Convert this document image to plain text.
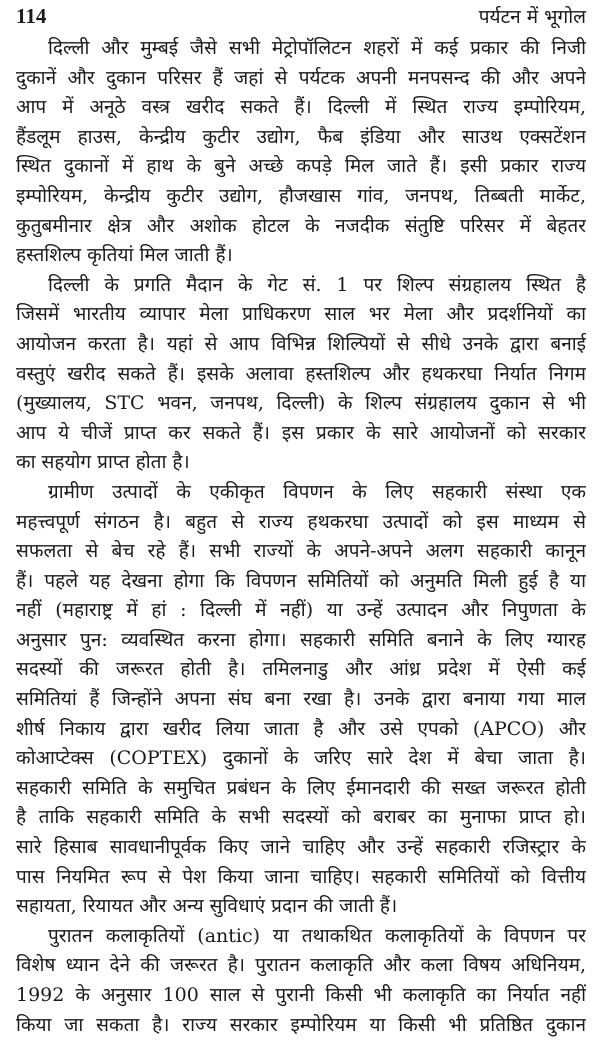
114	पर्यटन में भूगोल
दिल्ली और मुम्बई जैसे सभी मेट्रोपॉलिटन शहरों में कई प्रकार की निजी
दुकानें और दुकान परिसर हैं जहां से पर्यटक अपनी मनपसन्द की और अपने
आप में अनूठे वस्त्र खरीद सकते हैं। दिल्ली में स्थित राज्य इम्पोरियम,
हैंडलूम हाउस, केन्द्रीय कुटीर उद्योग, फैब इंडिया और साउथ एक्सटेंशन
स्थित दुकानों में हाथ के बुने अच्छे कपड़े मिल जाते हैं। इसी प्रकार राज्य
इम्पोरियम, केन्द्रीय कुटीर उद्योग, हौजखास गांव, जनपथ, तिब्बती मार्केट,
कुतुबमीनार क्षेत्र और अशोक होटल के नजदीक संतुष्टि परिसर में बेहतर
हस्तशिल्प कृतियां मिल जाती हैं।
दिल्ली के प्रगति मैदान के गेट सं. 1 पर शिल्प संग्रहालय स्थित है
जिसमें भारतीय व्यापार मेला प्राधिकरण साल भर मेला और प्रदर्शनियों का
आयोजन करता है। यहां से आप विभिन्न शिल्पियों से सीधे उनके द्वारा बनाई
वस्तुएं खरीद सकते हैं। इसके अलावा हस्तशिल्प और हथकरघा निर्यात निगम
(मुख्यालय, STC भवन, जनपथ, दिल्ली) के शिल्प संग्रहालय दुकान से भी
आप ये चीजें प्राप्त कर सकते हैं। इस प्रकार के सारे आयोजनों को सरकार
का सहयोग प्राप्त होता है।
ग्रामीण उत्पादों के एकीकृत विपणन के लिए सहकारी संस्था एक
महत्त्वपूर्ण संगठन है। बहुत से राज्य हथकरघा उत्पादों को इस माध्यम से
सफलता से बेच रहे हैं। सभी राज्यों के अपने-अपने अलग सहकारी कानून
हैं। पहले यह देखना होगा कि विपणन समितियों को अनुमति मिली हुई है या
नहीं (महाराष्ट्र में हां : दिल्ली में नहीं) या उन्हें उत्पादन और निपुणता के
अनुसार पुन: व्यवस्थित करना होगा। सहकारी समिति बनाने के लिए ग्यारह
सदस्यों की जरूरत होती है। तमिलनाडु और आंध्र प्रदेश में ऐसी कई
समितियां हैं जिन्होंने अपना संघ बना रखा है। उनके द्वारा बनाया गया माल
शीर्ष निकाय द्वारा खरीद लिया जाता है और उसे एपको (APCO) और
कोआप्टेक्स (COPTEX) दुकानों के जरिए सारे देश में बेचा जाता है।
सहकारी समिति के समुचित प्रबंधन के लिए ईमानदारी की सख्त जरूरत होती
है ताकि सहकारी समिति के सभी सदस्यों को बराबर का मुनाफा प्राप्त हो।
सारे हिसाब सावधानीपूर्वक किए जाने चाहिए और उन्हें सहकारी रजिस्ट्रार के
पास नियमित रूप से पेश किया जाना चाहिए। सहकारी समितियों को वित्तीय
सहायता, रियायत और अन्य सुविधाएं प्रदान की जाती हैं।
पुरातन कलाकृतियों (antic) या तथाकथित कलाकृतियों के विपणन पर
विशेष ध्यान देने की जरूरत है। पुरातन कलाकृति और कला विषय अधिनियम,
1992 के अनुसार 100 साल से पुरानी किसी भी कलाकृति का निर्यात नहीं
किया जा सकता है। राज्य सरकार इम्पोरियम या किसी भी प्रतिष्ठित दुकान
